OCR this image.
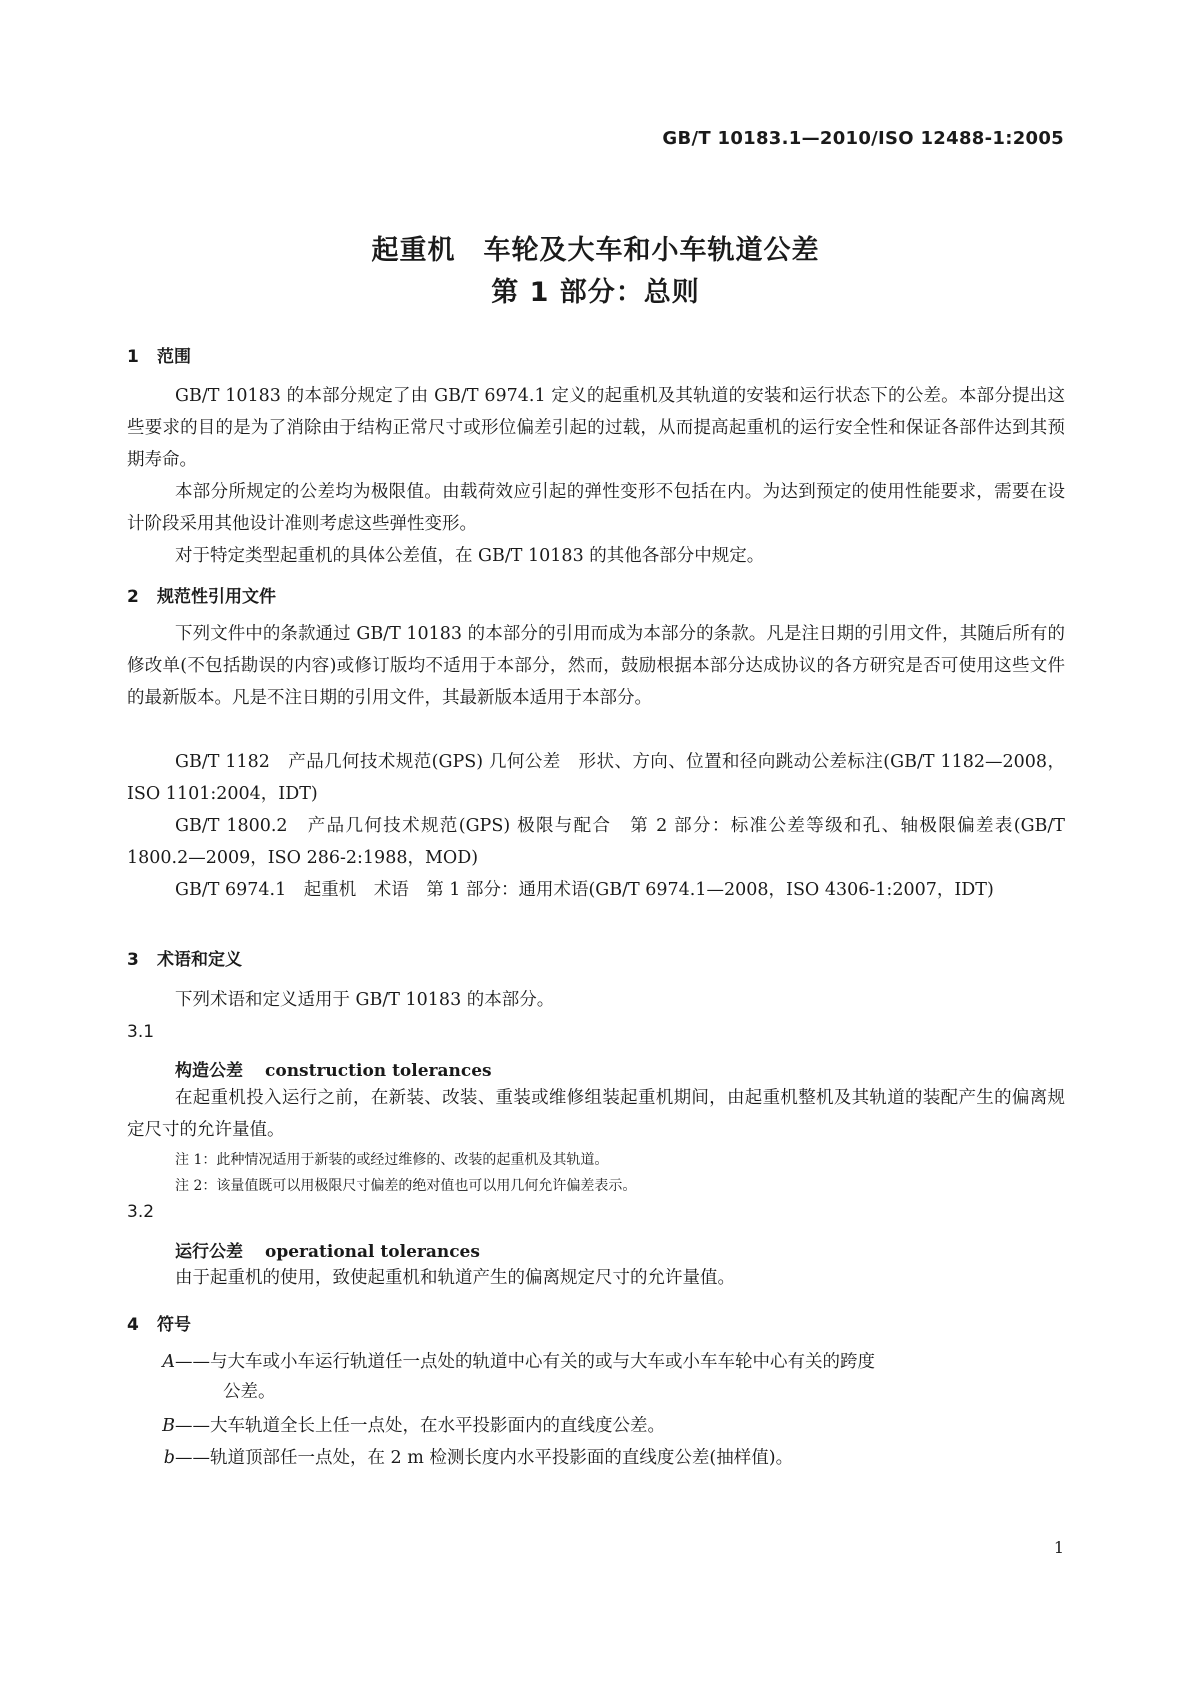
GB/T 10183.1—2010/ISO 12488-1:2005
起重机　车轮及大车和小车轨道公差
第 1 部分：总则
1 范围
GB/T 10183 的本部分规定了由 GB/T 6974.1 定义的起重机及其轨道的安装和运行状态下的公差。本部分提出这些要求的目的是为了消除由于结构正常尺寸或形位偏差引起的过载，从而提高起重机的运行安全性和保证各部件达到其预期寿命。
本部分所规定的公差均为极限值。由载荷效应引起的弹性变形不包括在内。为达到预定的使用性能要求，需要在设计阶段采用其他设计准则考虑这些弹性变形。
对于特定类型起重机的具体公差值，在 GB/T 10183 的其他各部分中规定。
2 规范性引用文件
下列文件中的条款通过 GB/T 10183 的本部分的引用而成为本部分的条款。凡是注日期的引用文件，其随后所有的修改单(不包括勘误的内容)或修订版均不适用于本部分，然而，鼓励根据本部分达成协议的各方研究是否可使用这些文件的最新版本。凡是不注日期的引用文件，其最新版本适用于本部分。
GB/T 1182　产品几何技术规范(GPS) 几何公差　形状、方向、位置和径向跳动公差标注(GB/T 1182—2008，ISO 1101:2004，IDT)
GB/T 1800.2　产品几何技术规范(GPS) 极限与配合　第 2 部分：标准公差等级和孔、轴极限偏差表(GB/T 1800.2—2009，ISO 286-2:1988，MOD)
GB/T 6974.1　起重机　术语　第 1 部分：通用术语(GB/T 6974.1—2008，ISO 4306-1:2007，IDT)
3 术语和定义
下列术语和定义适用于 GB/T 10183 的本部分。
3.1
构造公差 construction tolerances
在起重机投入运行之前，在新装、改装、重装或维修组装起重机期间，由起重机整机及其轨道的装配产生的偏离规定尺寸的允许量值。
注 1：此种情况适用于新装的或经过维修的、改装的起重机及其轨道。
注 2：该量值既可以用极限尺寸偏差的绝对值也可以用几何允许偏差表示。
3.2
运行公差 operational tolerances
由于起重机的使用，致使起重机和轨道产生的偏离规定尺寸的允许量值。
4 符号
A——与大车或小车运行轨道任一点处的轨道中心有关的或与大车或小车车轮中心有关的跨度
公差。
B——大车轨道全长上任一点处，在水平投影面内的直线度公差。
b——轨道顶部任一点处，在 2 m 检测长度内水平投影面的直线度公差(抽样值)。
1
